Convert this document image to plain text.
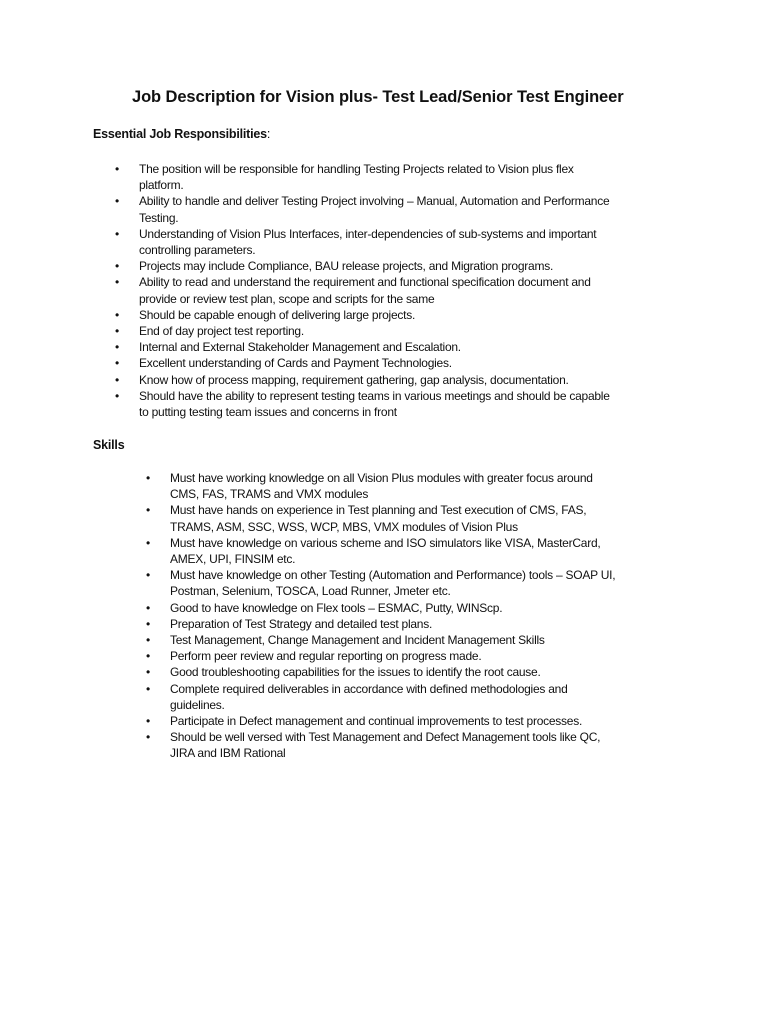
Job Description for Vision plus- Test Lead/Senior Test Engineer
Essential Job Responsibilities:
• The position will be responsible for handling Testing Projects related to Vision plus flex
platform.
• Ability to handle and deliver Testing Project involving – Manual, Automation and Performance
Testing.
• Understanding of Vision Plus Interfaces, inter-dependencies of sub-systems and important
controlling parameters.
• Projects may include Compliance, BAU release projects, and Migration programs.
• Ability to read and understand the requirement and functional specification document and
provide or review test plan, scope and scripts for the same
• Should be capable enough of delivering large projects.
• End of day project test reporting.
• Internal and External Stakeholder Management and Escalation.
• Excellent understanding of Cards and Payment Technologies.
• Know how of process mapping, requirement gathering, gap analysis, documentation.
• Should have the ability to represent testing teams in various meetings and should be capable
to putting testing team issues and concerns in front
Skills
• Must have working knowledge on all Vision Plus modules with greater focus around
CMS, FAS, TRAMS and VMX modules
• Must have hands on experience in Test planning and Test execution of CMS, FAS,
TRAMS, ASM, SSC, WSS, WCP, MBS, VMX modules of Vision Plus
• Must have knowledge on various scheme and ISO simulators like VISA, MasterCard,
AMEX, UPI, FINSIM etc.
• Must have knowledge on other Testing (Automation and Performance) tools – SOAP UI,
Postman, Selenium, TOSCA, Load Runner, Jmeter etc.
• Good to have knowledge on Flex tools – ESMAC, Putty, WINScp.
• Preparation of Test Strategy and detailed test plans.
• Test Management, Change Management and Incident Management Skills
• Perform peer review and regular reporting on progress made.
• Good troubleshooting capabilities for the issues to identify the root cause.
• Complete required deliverables in accordance with defined methodologies and
guidelines.
• Participate in Defect management and continual improvements to test processes.
• Should be well versed with Test Management and Defect Management tools like QC,
JIRA and IBM Rational
